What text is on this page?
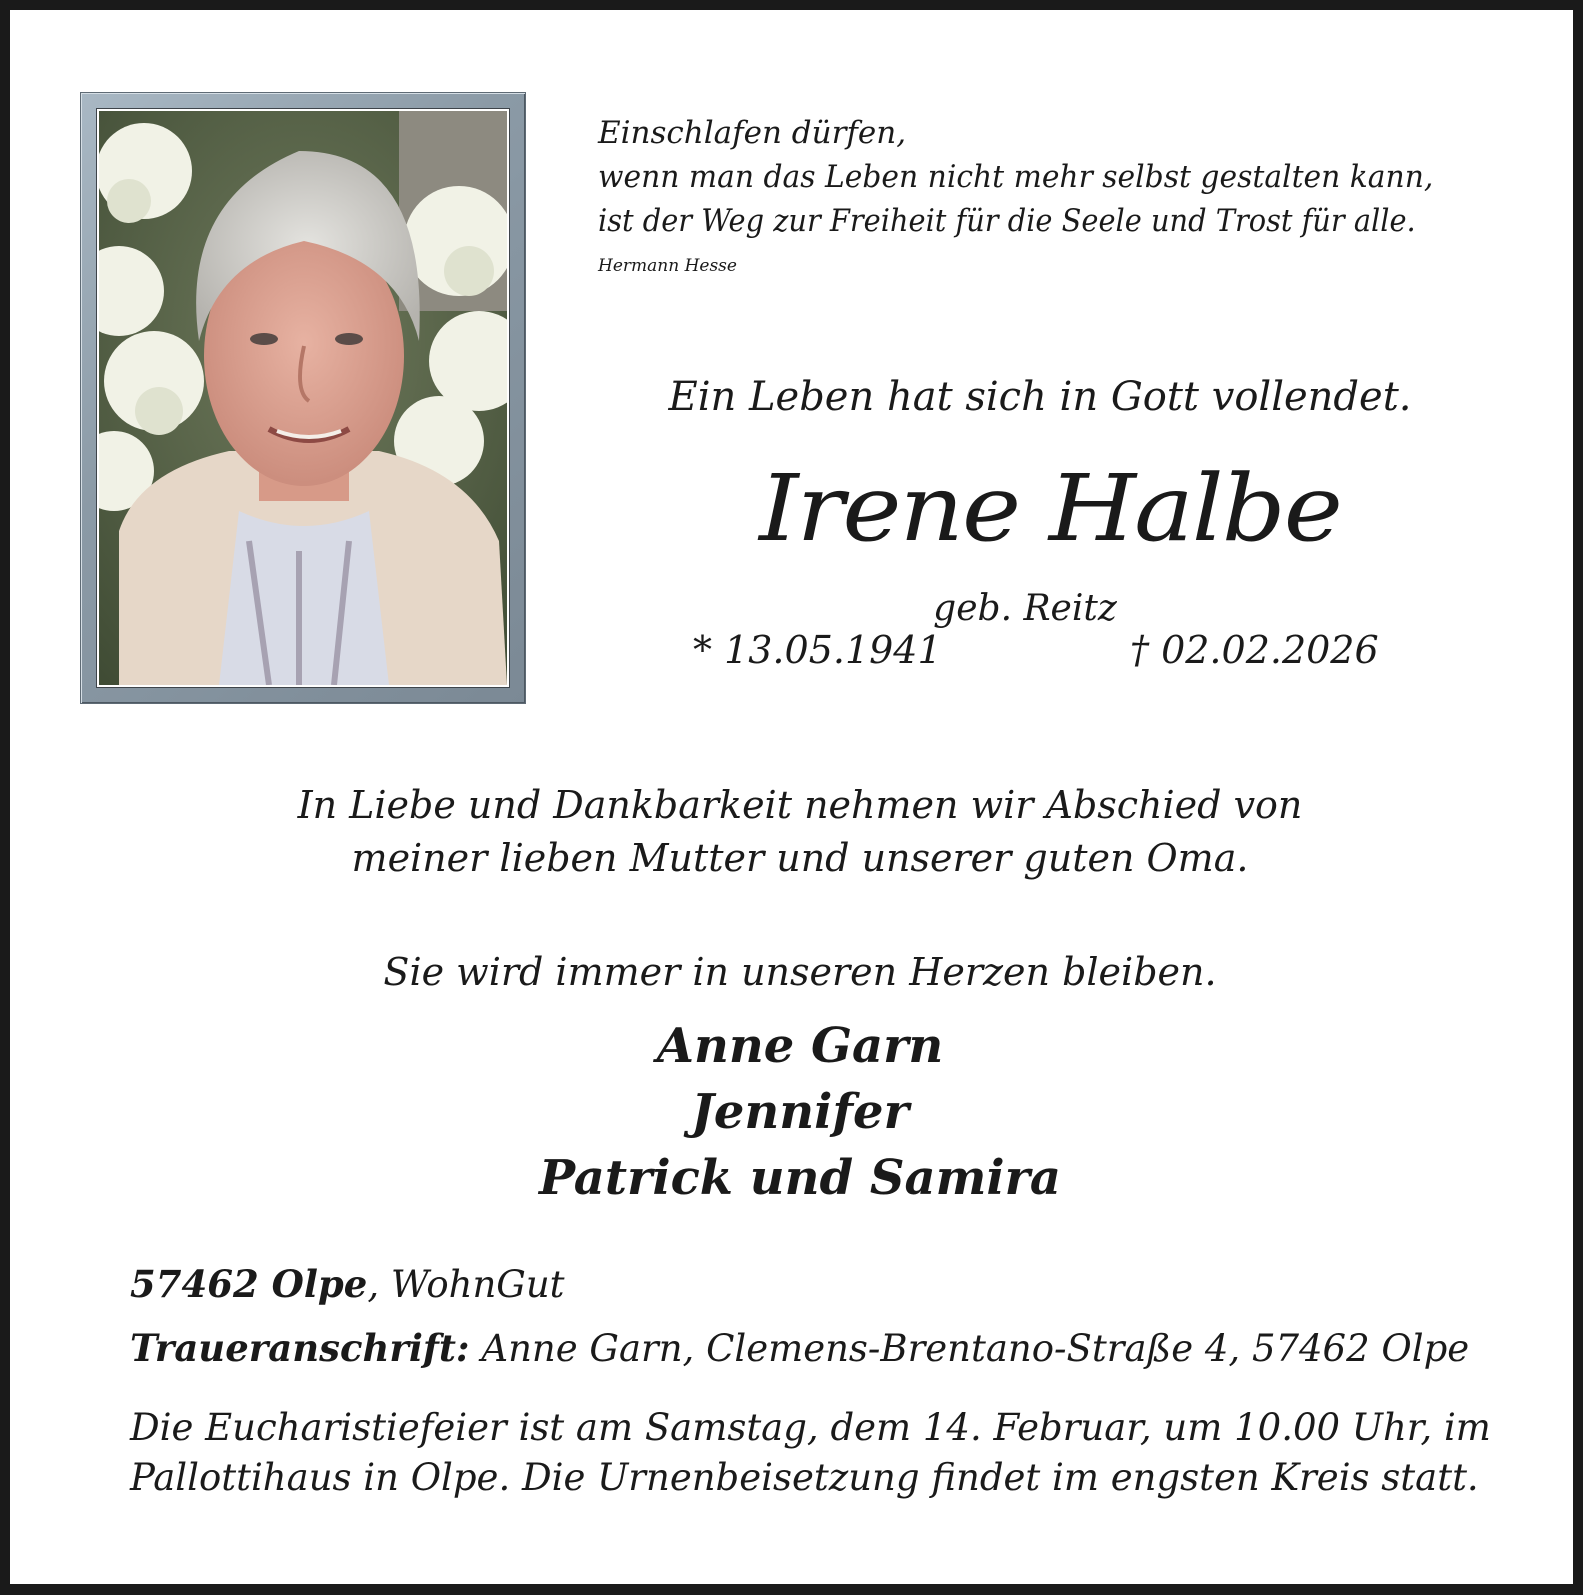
Einschlafen dürfen,
wenn man das Leben nicht mehr selbst gestalten kann,
ist der Weg zur Freiheit für die Seele und Trost für alle.
Hermann Hesse
Ein Leben hat sich in Gott vollendet.
Irene Halbe
geb. Reitz
* 13.05.1941	† 02.02.2026
In Liebe und Dankbarkeit nehmen wir Abschied von
meiner lieben Mutter und unserer guten Oma.
Sie wird immer in unseren Herzen bleiben.
Anne Garn
Jennifer
Patrick und Samira
57462 Olpe, WohnGut
Traueranschrift: Anne Garn, Clemens-Brentano-Straße 4, 57462 Olpe
Die Eucharistiefeier ist am Samstag, dem 14. Februar, um 10.00 Uhr, im
Pallottihaus in Olpe. Die Urnenbeisetzung findet im engsten Kreis statt.
